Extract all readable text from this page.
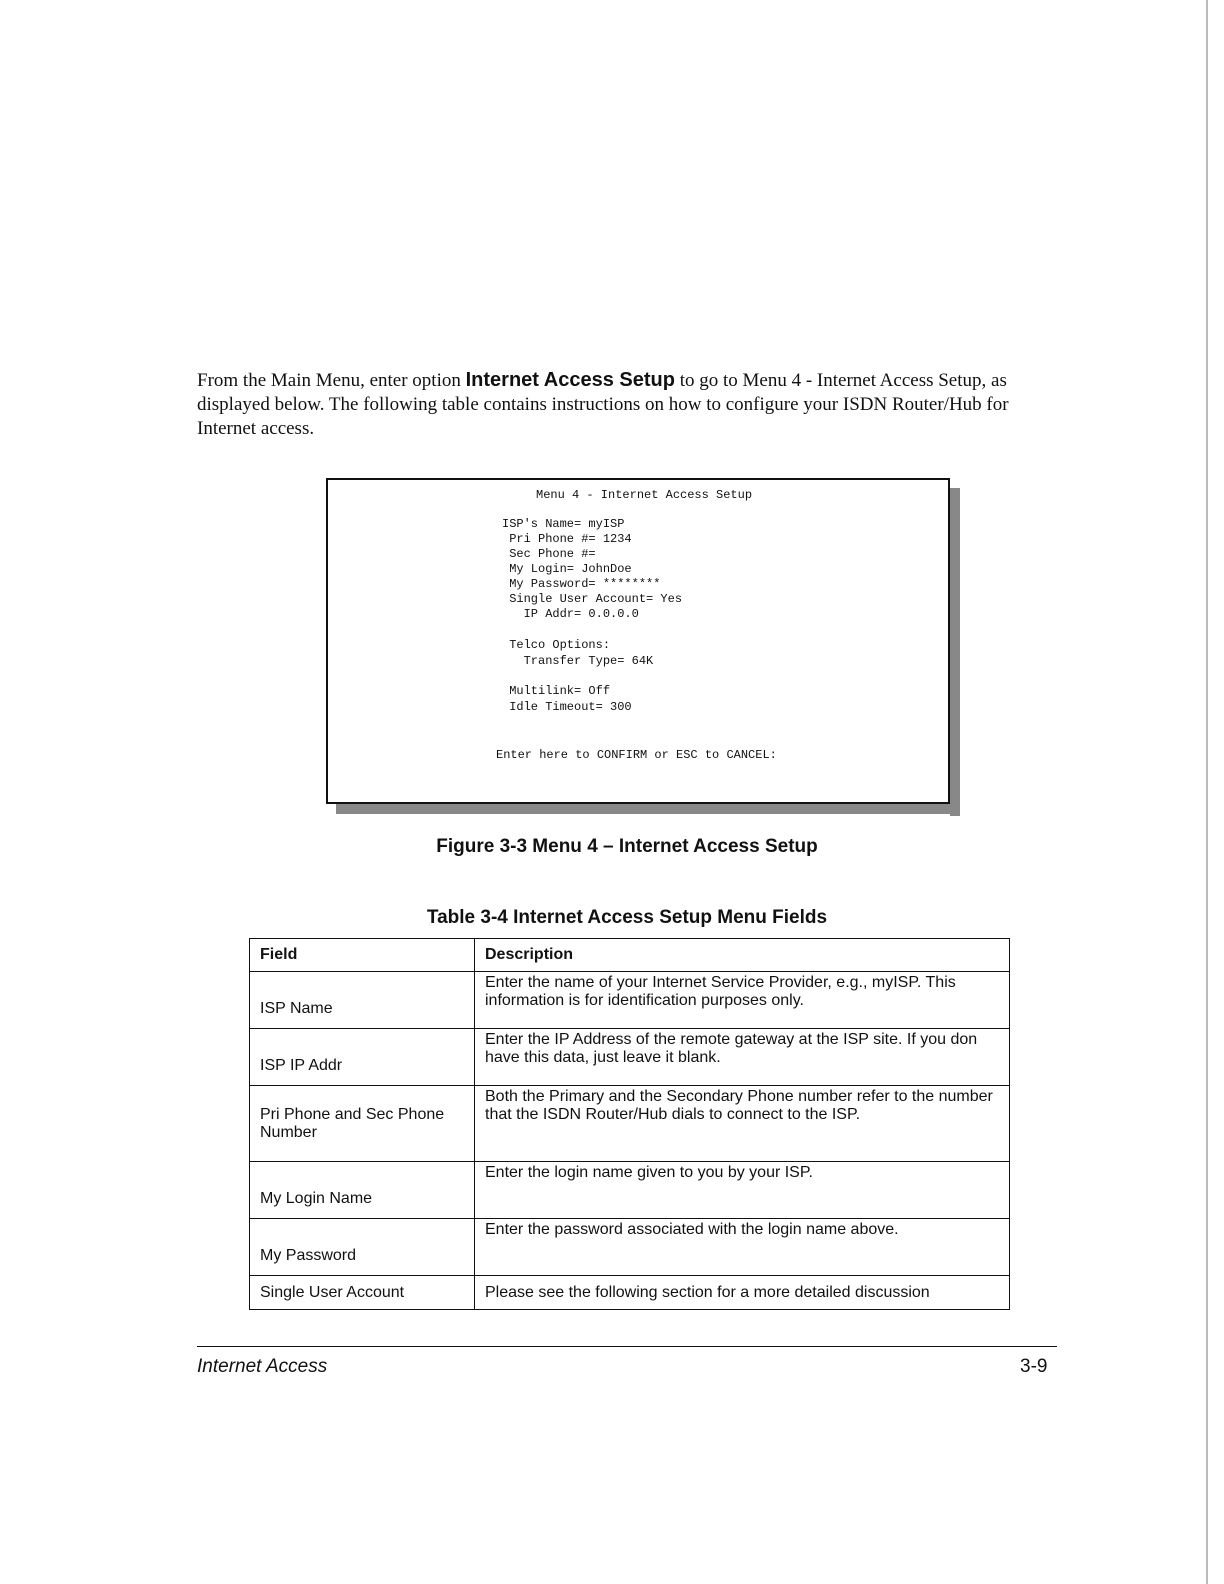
From the Main Menu, enter option Internet Access Setup to go to Menu 4 - Internet Access Setup, as displayed below. The following table contains instructions on how to configure your ISDN Router/Hub for Internet access.

Menu 4 - Internet Access Setup
ISP's Name= myISP
Pri Phone #= 1234
Sec Phone #=
My Login= JohnDoe
My Password= ********
Single User Account= Yes
IP Addr= 0.0.0.0
Telco Options:
Transfer Type= 64K
Multilink= Off
Idle Timeout= 300
Enter here to CONFIRM or ESC to CANCEL:
Figure 3-3 Menu 4 – Internet Access Setup
Table 3-4 Internet Access Setup Menu Fields
Field	Description
ISP Name	Enter the name of your Internet Service Provider, e.g., myISP. This information is for identification purposes only.
ISP IP Addr	Enter the IP Address of the remote gateway at the ISP site. If you don have this data, just leave it blank.
Pri Phone and Sec Phone Number	Both the Primary and the Secondary Phone number refer to the number that the ISDN Router/Hub dials to connect to the ISP.
My Login Name	Enter the login name given to you by your ISP.
My Password	Enter the password associated with the login name above.
Single User Account	Please see the following section for a more detailed discussion
Internet Access	3-9
